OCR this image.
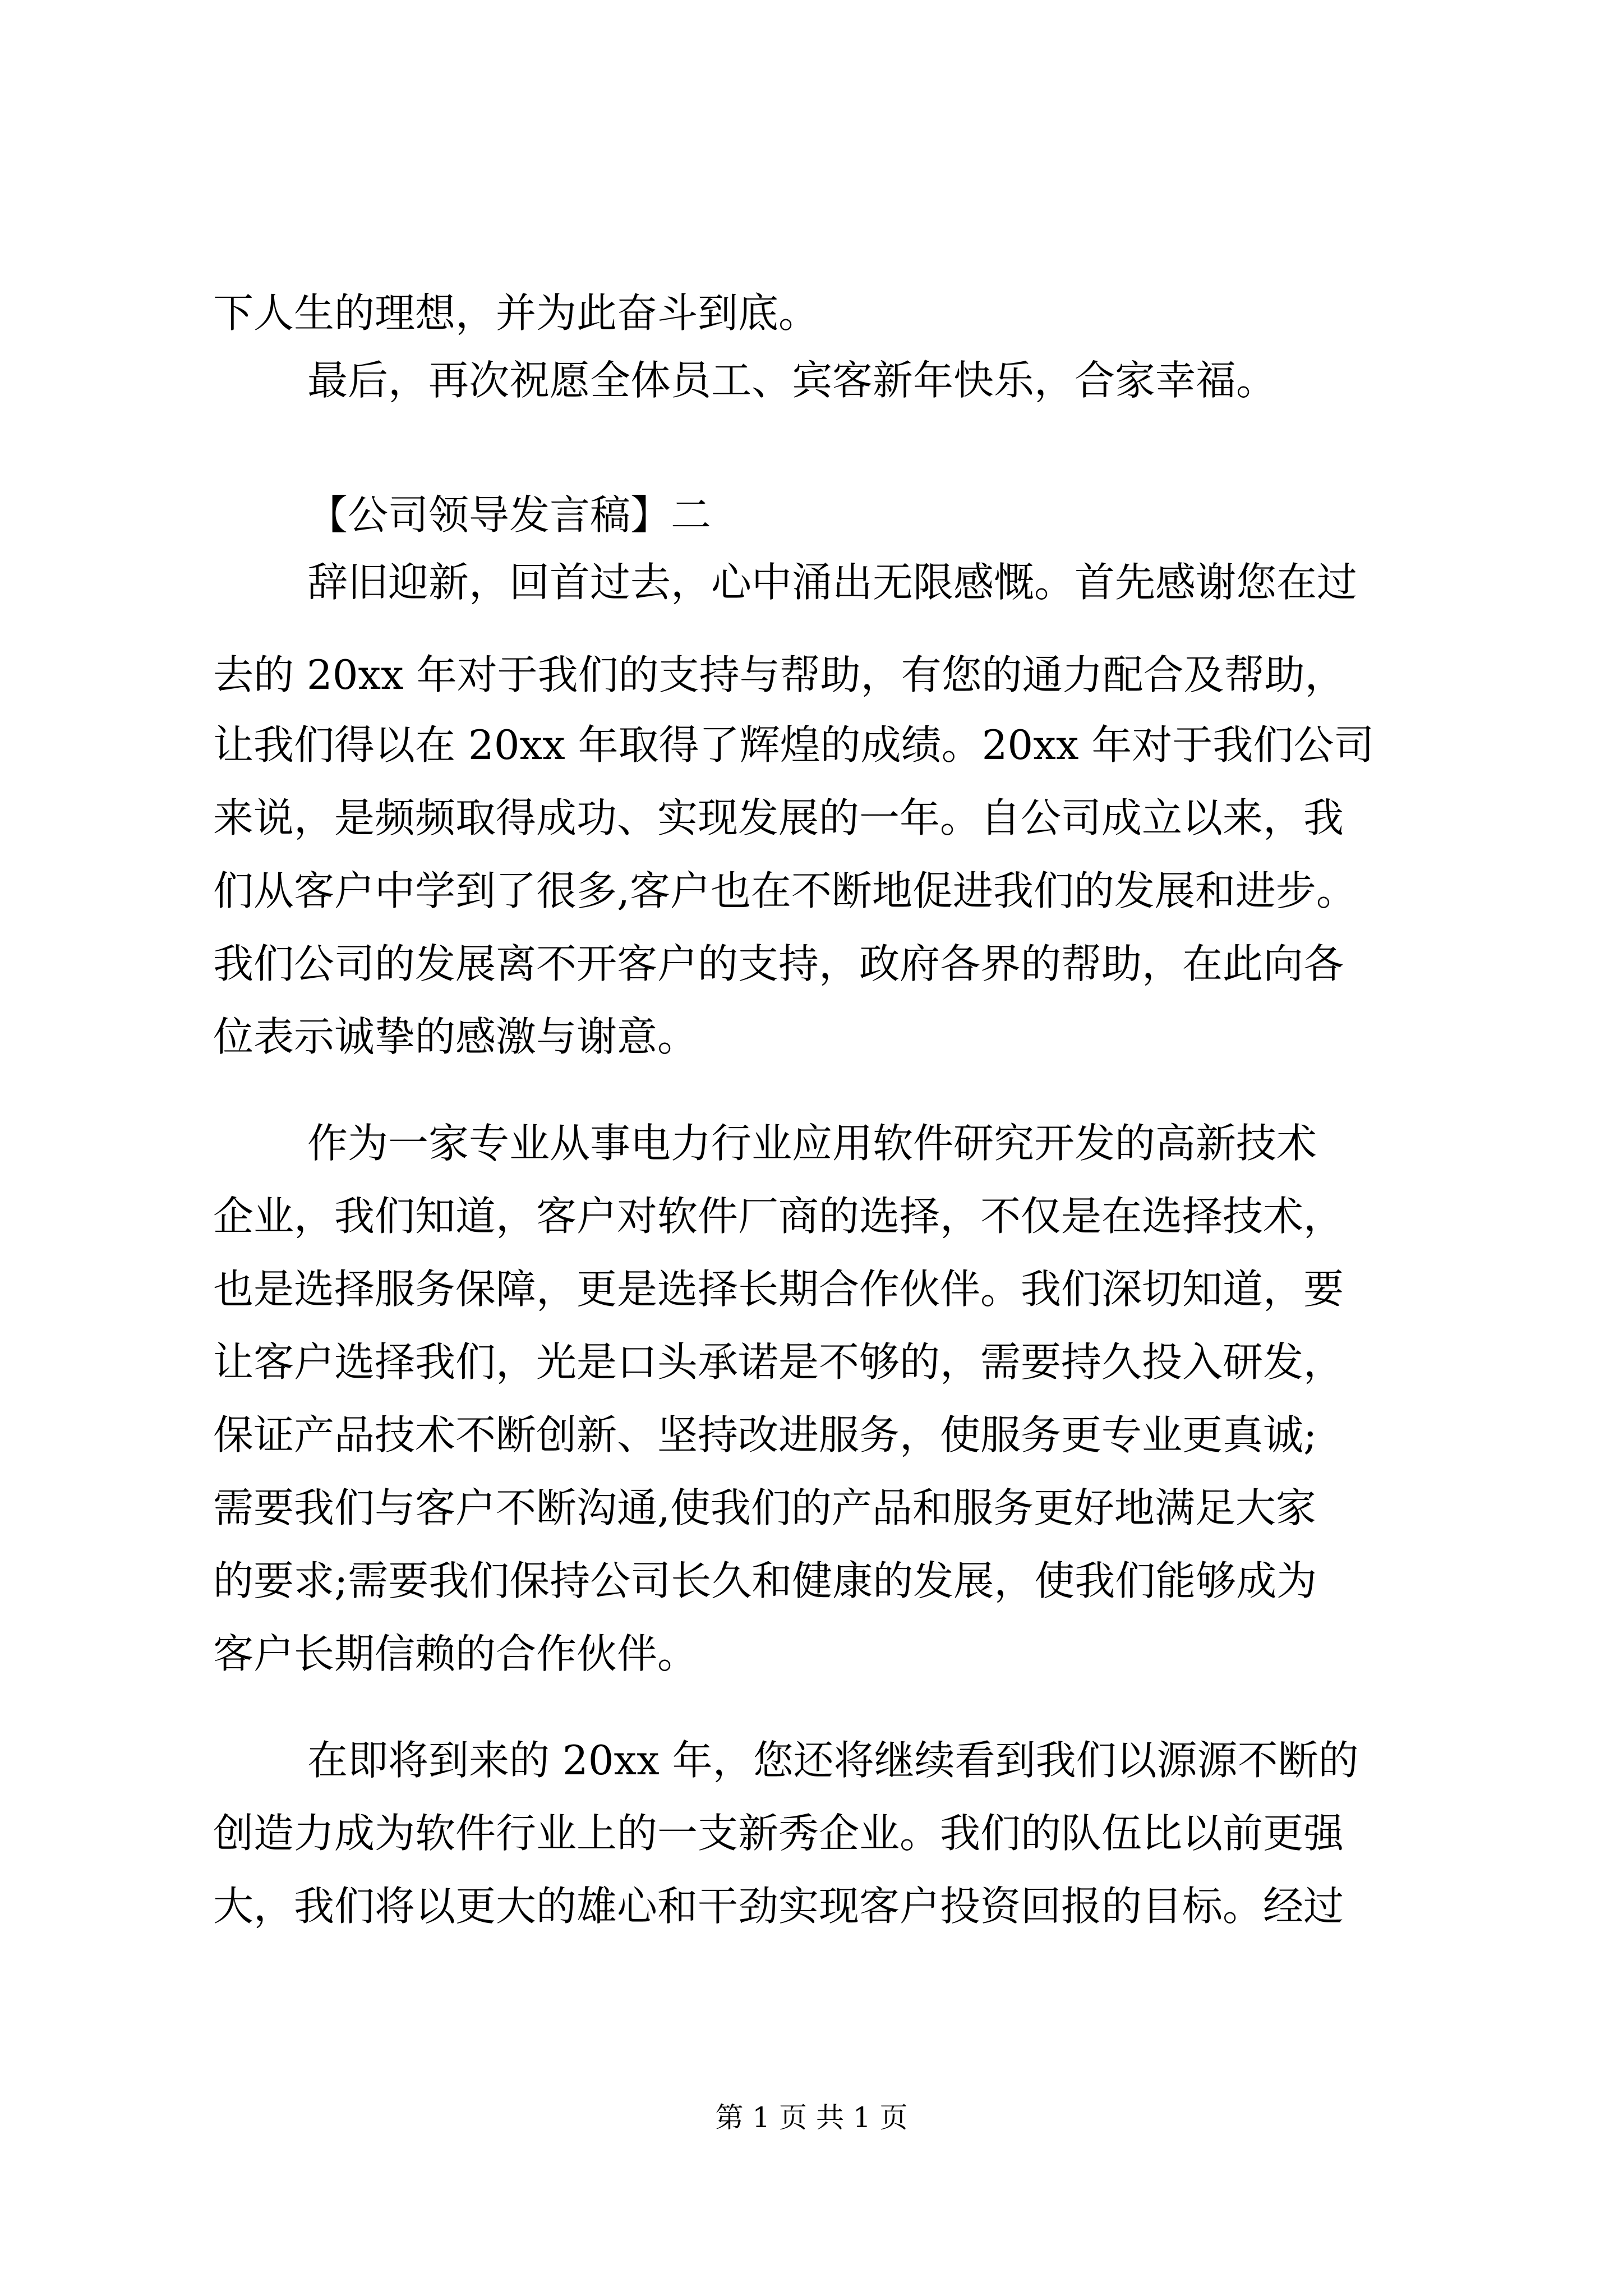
下人生的理想，并为此奋斗到底。
最后，再次祝愿全体员工、宾客新年快乐，合家幸福。
【公司领导发言稿】二
辞旧迎新，回首过去，心中涌出无限感慨。首先感谢您在过
去的 20xx 年对于我们的支持与帮助，有您的通力配合及帮助，
让我们得以在 20xx 年取得了辉煌的成绩。20xx 年对于我们公司
来说，是频频取得成功、实现发展的一年。自公司成立以来，我
们从客户中学到了很多,客户也在不断地促进我们的发展和进步。
我们公司的发展离不开客户的支持，政府各界的帮助，在此向各
位表示诚挚的感激与谢意。
作为一家专业从事电力行业应用软件研究开发的高新技术
企业，我们知道，客户对软件厂商的选择，不仅是在选择技术，
也是选择服务保障，更是选择长期合作伙伴。我们深切知道，要
让客户选择我们，光是口头承诺是不够的，需要持久投入研发，
保证产品技术不断创新、坚持改进服务，使服务更专业更真诚;
需要我们与客户不断沟通,使我们的产品和服务更好地满足大家
的要求;需要我们保持公司长久和健康的发展，使我们能够成为
客户长期信赖的合作伙伴。
在即将到来的 20xx 年，您还将继续看到我们以源源不断的
创造力成为软件行业上的一支新秀企业。我们的队伍比以前更强
大，我们将以更大的雄心和干劲实现客户投资回报的目标。经过
第 1 页 共 1 页
